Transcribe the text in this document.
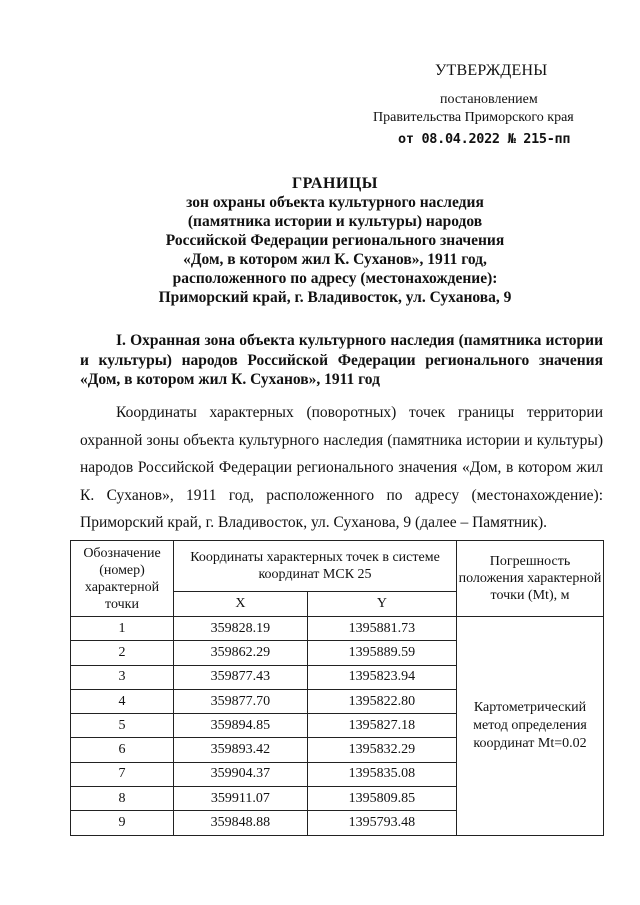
УТВЕРЖДЕНЫ
постановлением
Правительства Приморского края
от 08.04.2022 № 215-пп
ГРАНИЦЫ
зон охраны объекта культурного наследия
(памятника истории и культуры) народов
Российской Федерации регионального значения
«Дом, в котором жил К. Суханов», 1911 год,
расположенного по адресу (местонахождение):
Приморский край, г. Владивосток, ул. Суханова, 9
I. Охранная зона объекта культурного наследия (памятника истории и культуры) народов Российской Федерации регионального значения «Дом, в котором жил К. Суханов», 1911 год
Координаты характерных (поворотных) точек границы территории охранной зоны объекта культурного наследия (памятника истории и культуры) народов Российской Федерации регионального значения «Дом, в котором жил К. Суханов», 1911 год, расположенного по адресу (местонахождение): Приморский край, г. Владивосток, ул. Суханова, 9 (далее – Памятник).
Обозначение (номер) характерной точки	Координаты характерных точек в системе координат МСК 25		Погрешность положения характерной точки (Mt), м
	X	Y	
1	359828.19	1395881.73	Картометрический метод определения координат Mt=0.02
2	359862.29	1395889.59	
3	359877.43	1395823.94	
4	359877.70	1395822.80	
5	359894.85	1395827.18	
6	359893.42	1395832.29	
7	359904.37	1395835.08	
8	359911.07	1395809.85	
9	359848.88	1395793.48	
